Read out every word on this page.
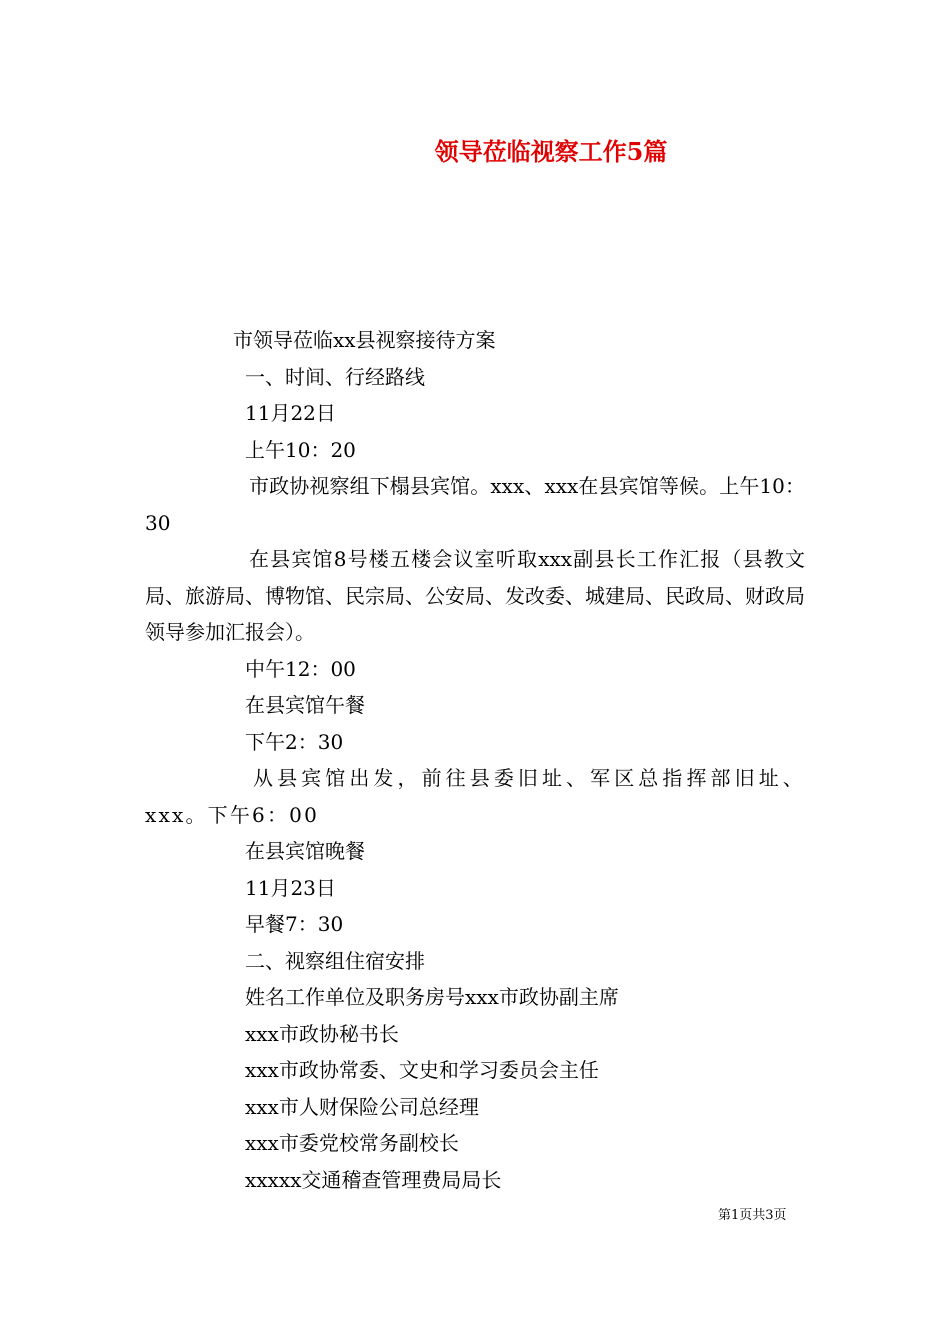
领导莅临视察工作5篇

市领导莅临xx县视察接待方案

一、时间、行经路线

11月22日

上午10：20

市政协视察组下榻县宾馆。xxx、xxx在县宾馆等候。上午10：30

在县宾馆8号楼五楼会议室听取xxx副县长工作汇报（县教文局、旅游局、博物馆、民宗局、公安局、发改委、城建局、民政局、财政局领导参加汇报会）。

中午12：00

在县宾馆午餐

下午2：30

从县宾馆出发，前往县委旧址、军区总指挥部旧址、xxx。下午6：00

在县宾馆晚餐

11月23日

早餐7：30

二、视察组住宿安排

姓名工作单位及职务房号xxx市政协副主席

xxx市政协秘书长

xxx市政协常委、文史和学习委员会主任

xxx市人财保险公司总经理

xxx市委党校常务副校长

xxxxx交通稽查管理费局局长

第1页共3页
